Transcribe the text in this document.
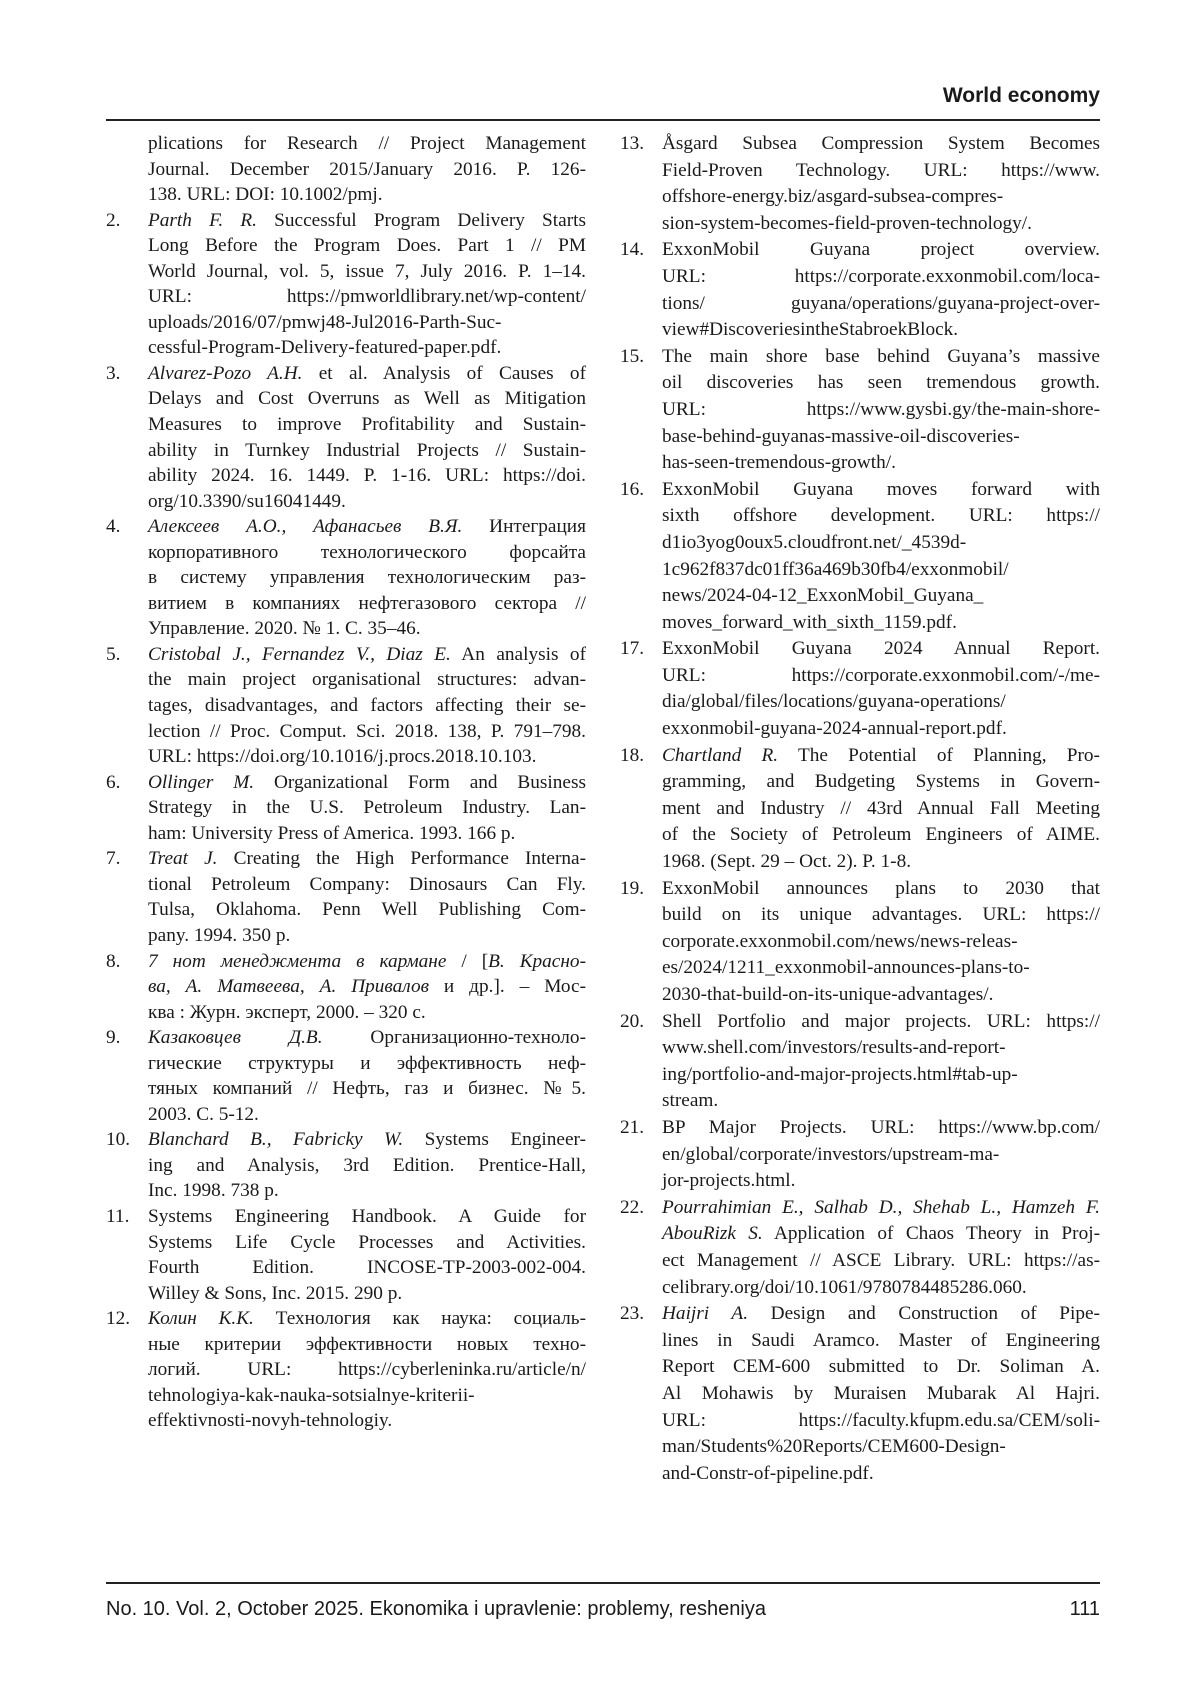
World economy
plications for Research // Project Management
Journal. December 2015/January 2016. P. 126-
138. URL: DOI: 10.1002/pmj.
2. Parth F. R. Successful Program Delivery Starts
Long Before the Program Does. Part 1 // PM
World Journal, vol. 5, issue 7, July 2016. P. 1–14.
URL: https://pmworldlibrary.net/wp-content/
uploads/2016/07/pmwj48-Jul2016-Parth-Suc-
cessful-Program-Delivery-featured-paper.pdf.
3. Alvarez-Pozo A.H. et al. Analysis of Causes of
Delays and Cost Overruns as Well as Mitigation
Measures to improve Profitability and Sustain-
ability in Turnkey Industrial Projects // Sustain-
ability 2024. 16. 1449. P. 1-16. URL: https://doi.
org/10.3390/su16041449.
4. Алексеев А.О., Афанасьев В.Я. Интеграция
корпоративного технологического форсайта
в систему управления технологическим раз-
витием в компаниях нефтегазового сектора //
Управление. 2020. № 1. С. 35–46.
5. Cristobal J., Fernandez V., Diaz E. An analysis of
the main project organisational structures: advan-
tages, disadvantages, and factors affecting their se-
lection // Proc. Comput. Sci. 2018. 138, P. 791–798.
URL: https://doi.org/10.1016/j.procs.2018.10.103.
6. Ollinger M. Organizational Form and Business
Strategy in the U.S. Petroleum Industry. Lan-
ham: University Press of America. 1993. 166 p.
7. Treat J. Creating the High Performance Interna-
tional Petroleum Company: Dinosaurs Can Fly.
Tulsa, Oklahoma. Penn Well Publishing Com-
pany. 1994. 350 p.
8. 7 нот менеджмента в кармане / [В. Красно-
ва, А. Матвеева, А. Привалов и др.]. – Мос-
ква : Журн. эксперт, 2000. – 320 с.
9. Казаковцев Д.В. Организационно-техноло-
гические структуры и эффективность неф-
тяных компаний // Нефть, газ и бизнес. №5.
2003. С. 5-12.
10. Blanchard B., Fabricky W. Systems Engineer-
ing and Analysis, 3rd Edition. Prentice-Hall,
Inc. 1998. 738 p.
11. Systems Engineering Handbook. A Guide for
Systems Life Cycle Processes and Activities.
Fourth Edition. INCOSE-TP-2003-002-004.
Willey & Sons, Inc. 2015. 290 p.
12. Колин К.К. Технология как наука: социаль-
ные критерии эффективности новых техно-
логий. URL: https://cyberleninka.ru/article/n/
tehnologiya-kak-nauka-sotsialnye-kriterii-
effektivnosti-novyh-tehnologiy.
13. Åsgard Subsea Compression System Becomes
Field-Proven Technology. URL: https://www.
offshore-energy.biz/asgard-subsea-compres-
sion-system-becomes-field-proven-technology/.
14. ExxonMobil Guyana project overview.
URL: https://corporate.exxonmobil.com/loca-
tions/ guyana/operations/guyana-project-over-
view#DiscoveriesintheStabroekBlock.
15. The main shore base behind Guyana’s massive
oil discoveries has seen tremendous growth.
URL: https://www.gysbi.gy/the-main-shore-
base-behind-guyanas-massive-oil-discoveries-
has-seen-tremendous-growth/.
16. ExxonMobil Guyana moves forward with
sixth offshore development. URL: https://
d1io3yog0oux5.cloudfront.net/_4539d-
1c962f837dc01ff36a469b30fb4/exxonmobil/
news/2024-04-12_ExxonMobil_Guyana_
moves_forward_with_sixth_1159.pdf.
17. ExxonMobil Guyana 2024 Annual Report.
URL: https://corporate.exxonmobil.com/-/me-
dia/global/files/locations/guyana-operations/
exxonmobil-guyana-2024-annual-report.pdf.
18. Chartland R. The Potential of Planning, Pro-
gramming, and Budgeting Systems in Govern-
ment and Industry // 43rd Annual Fall Meeting
of the Society of Petroleum Engineers of AIME.
1968. (Sept. 29 – Oct. 2). P. 1-8.
19. ExxonMobil announces plans to 2030 that
build on its unique advantages. URL: https://
corporate.exxonmobil.com/news/news-releas-
es/2024/1211_exxonmobil-announces-plans-to-
2030-that-build-on-its-unique-advantages/.
20. Shell Portfolio and major projects. URL: https://
www.shell.com/investors/results-and-report-
ing/portfolio-and-major-projects.html#tab-up-
stream.
21. BP Major Projects. URL: https://www.bp.com/
en/global/corporate/investors/upstream-ma-
jor-projects.html.
22. Pourrahimian E., Salhab D., Shehab L., Hamzeh F.
AbouRizk S. Application of Chaos Theory in Proj-
ect Management // ASCE Library. URL: https://as-
celibrary.org/doi/10.1061/9780784485286.060.
23. Haijri A. Design and Construction of Pipe-
lines in Saudi Aramco. Master of Engineering
Report CEM-600 submitted to Dr. Soliman A.
Al Mohawis by Muraisen Mubarak Al Hajri.
URL: https://faculty.kfupm.edu.sa/CEM/soli-
man/Students%20Reports/CEM600-Design-
and-Constr-of-pipeline.pdf.
No. 10. Vol. 2, October 2025. Ekonomika i upravlenie: problemy, resheniya	111
